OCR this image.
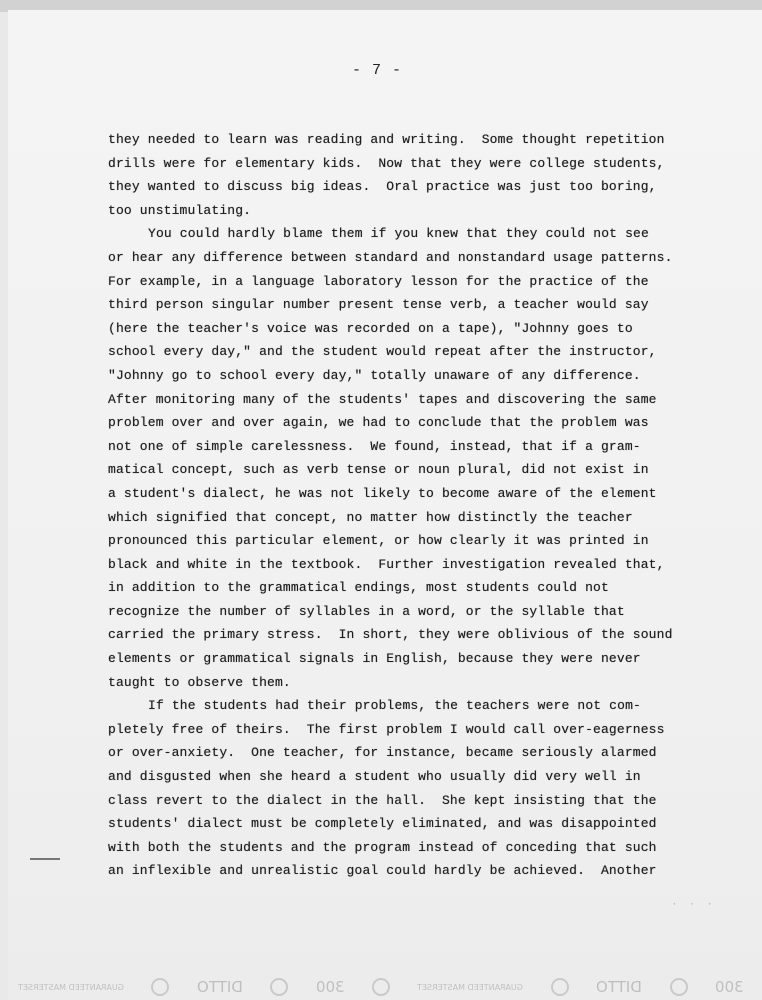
- 7 -
they needed to learn was reading and writing.  Some thought repetition
drills were for elementary kids.  Now that they were college students,
they wanted to discuss big ideas.  Oral practice was just too boring,
too unstimulating.
You could hardly blame them if you knew that they could not see
or hear any difference between standard and nonstandard usage patterns.
For example, in a language laboratory lesson for the practice of the
third person singular number present tense verb, a teacher would say
(here the teacher's voice was recorded on a tape), "Johnny goes to
school every day," and the student would repeat after the instructor,
"Johnny go to school every day," totally unaware of any difference.
After monitoring many of the students' tapes and discovering the same
problem over and over again, we had to conclude that the problem was
not one of simple carelessness.  We found, instead, that if a gram-
matical concept, such as verb tense or noun plural, did not exist in
a student's dialect, he was not likely to become aware of the element
which signified that concept, no matter how distinctly the teacher
pronounced this particular element, or how clearly it was printed in
black and white in the textbook.  Further investigation revealed that,
in addition to the grammatical endings, most students could not
recognize the number of syllables in a word, or the syllable that
carried the primary stress.  In short, they were oblivious of the sound
elements or grammatical signals in English, because they were never
taught to observe them.
If the students had their problems, the teachers were not com-
pletely free of theirs.  The first problem I would call over-eagerness
or over-anxiety.  One teacher, for instance, became seriously alarmed
and disgusted when she heard a student who usually did very well in
class revert to the dialect in the hall.  She kept insisting that the
students' dialect must be completely eliminated, and was disappointed
with both the students and the program instead of conceding that such
an inflexible and unrealistic goal could hardly be achieved.  Another
· · ·
GUARANTEED MASTERSET	DITTO	300	GUARANTEED MASTERSET	DITTO	300
